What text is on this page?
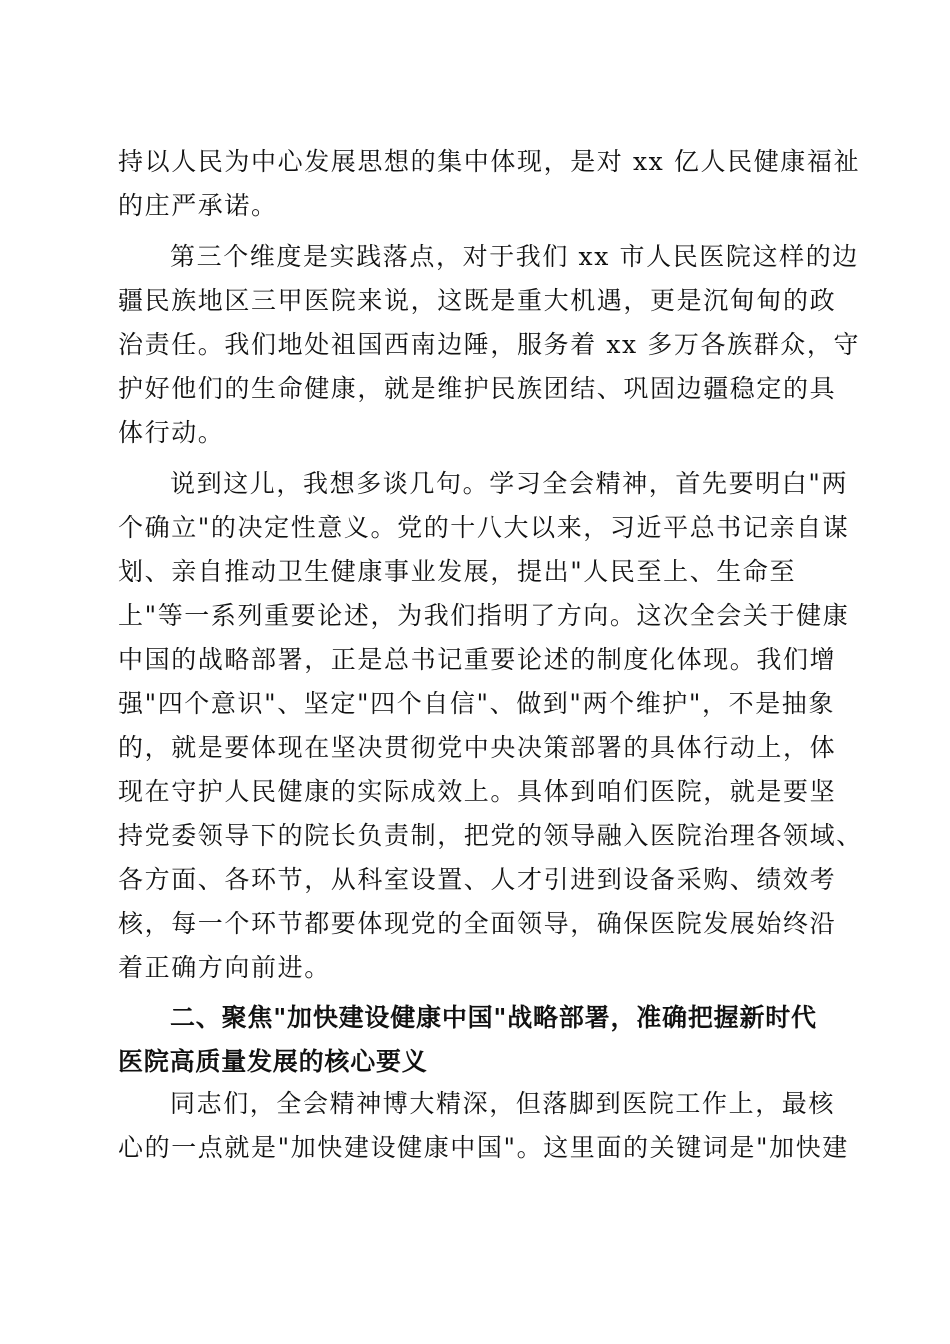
持以人民为中心发展思想的集中体现，是对 xx 亿人民健康福祉
的庄严承诺。
第三个维度是实践落点，对于我们 xx 市人民医院这样的边
疆民族地区三甲医院来说，这既是重大机遇，更是沉甸甸的政
治责任。我们地处祖国西南边陲，服务着 xx 多万各族群众，守
护好他们的生命健康，就是维护民族团结、巩固边疆稳定的具
体行动。
说到这儿，我想多谈几句。学习全会精神，首先要明白"两
个确立"的决定性意义。党的十八大以来，习近平总书记亲自谋
划、亲自推动卫生健康事业发展，提出"人民至上、生命至
上"等一系列重要论述，为我们指明了方向。这次全会关于健康
中国的战略部署，正是总书记重要论述的制度化体现。我们增
强"四个意识"、坚定"四个自信"、做到"两个维护"，不是抽象
的，就是要体现在坚决贯彻党中央决策部署的具体行动上，体
现在守护人民健康的实际成效上。具体到咱们医院，就是要坚
持党委领导下的院长负责制，把党的领导融入医院治理各领域、
各方面、各环节，从科室设置、人才引进到设备采购、绩效考
核，每一个环节都要体现党的全面领导，确保医院发展始终沿
着正确方向前进。
二、聚焦"加快建设健康中国"战略部署，准确把握新时代
医院高质量发展的核心要义
同志们，全会精神博大精深，但落脚到医院工作上，最核
心的一点就是"加快建设健康中国"。这里面的关键词是"加快建
